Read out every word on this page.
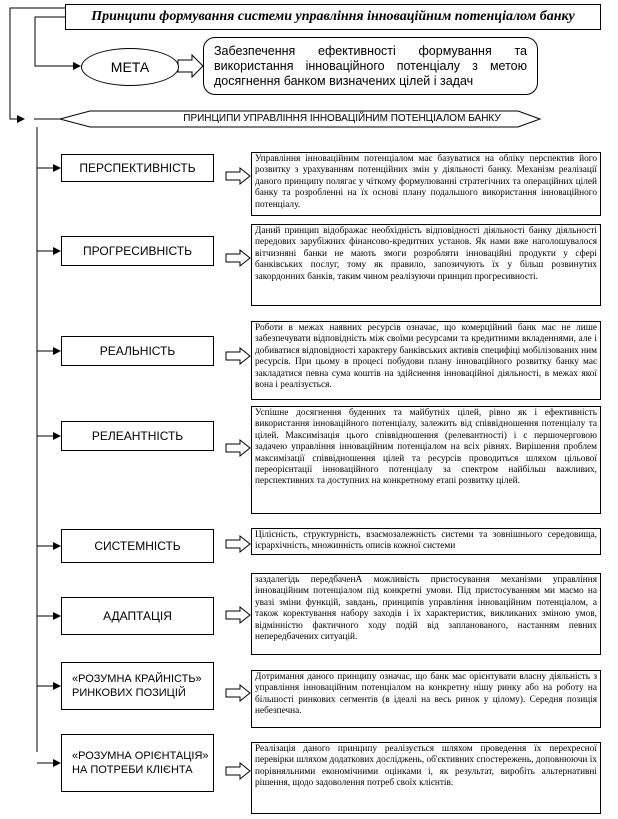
Принципи формування системи управління інноваційним потенціалом банку
МЕТА
Забезпечення ефективності формування та використання інноваційного потенціалу з метою досягнення банком визначених цілей і задач
ПРИНЦИПИ УПРАВЛІННЯ ІННОВАЦІЙНИМ ПОТЕНЦІАЛОМ БАНКУ
ПЕРСПЕКТИВНІСТЬ
Управління інноваційним потенціалом має базуватися на обліку перспектив його розвитку з урахуванням потенційних змін у діяльності банку. Механізм реалізації даного принципу полягає у чіткому формулюванні стратегічних та операційних цілей банку та розробленні на їх основі плану подальшого використання інноваційного потенціалу.
ПРОГРЕСИВНІСТЬ
Даний принцип відображає необхідність відповідності діяльності банку діяльності передових зарубіжних фінансово-кредитних установ. Як нами вже наголошувалося вітчизняні банки не мають змоги розробляти інноваційні продукти у сфері банківських послуг, тому як правило, запозичують їх у більш розвинутих закордонних банків, таким чином реалізуючи принцип прогресивності.
РЕАЛЬНІСТЬ
Роботи в межах наявних ресурсів означає, що комерційний банк має не лише забезпечувати відповідність між своїми ресурсами та кредитними вкладеннями, але і добиватися відповідності характеру банківських активів специфіці мобілізованих ним ресурсів. При цьому в процесі побудови плану інноваційного розвитку банку має закладатися певна сума коштів на здійснення інноваційної діяльності, в межах якої вона і реалізується.
РЕЛЕАНТНІСТЬ
Успішне досягнення буденних та майбутніх цілей, рівно як і ефективність використання інноваційного потенціалу, залежить від співвідношення потенціалу та цілей. Максимізація цього співвідношення (релевантності) і є першочерговою задачею управління інноваційним потенціалом на всіх рівнях. Вирішення проблем максимізації співвідношення цілей та ресурсів проводиться шляхом цільової переорієнтації інноваційного потенціалу за спектром найбільш важливих, перспективних та доступних на конкретному етапі розвитку цілей.
СИСТЕМНІСТЬ
Цілісність, структурність, взаємозалежність системи та зовнішнього середовища, ієрархічність, множинність описів кожної системи
АДАПТАЦІЯ
заздалегідь передбаченА можливість пристосування механізми управління інноваційним потенціалом під конкретні умови. Під пристосуванням ми маємо на увазі зміни функцій, завдань, принципів управління інноваційним потенціалом, а також коректування набору заходів і їх характеристик, викликаних зміною умов, відмінністю фактичного ходу подій від запланованого, настанням певних непередбачених ситуацій.
«РОЗУМНА КРАЙНІСТЬ» РИНКОВИХ ПОЗИЦІЙ
Дотримання даного принципу означає, що банк має орієнтувати власну діяльність з управління інноваційним потенціалом на конкретну нішу ринку або на роботу на більшості ринкових сегментів (в ідеалі на весь ринок у цілому). Середня позиція небезпечна.
«РОЗУМНА ОРІЄНТАЦІЯ» НА ПОТРЕБИ КЛІЄНТА
Реалізація даного принципу реалізується шляхом проведення їх перехресної перевірки шляхом додаткових досліджень, об'єктивних спостережень, доповнюючи їх порівняльними економічними оцінками і, як результат, виробіть альтернативні рішення, щодо задоволення потреб своїх клієнтів.
